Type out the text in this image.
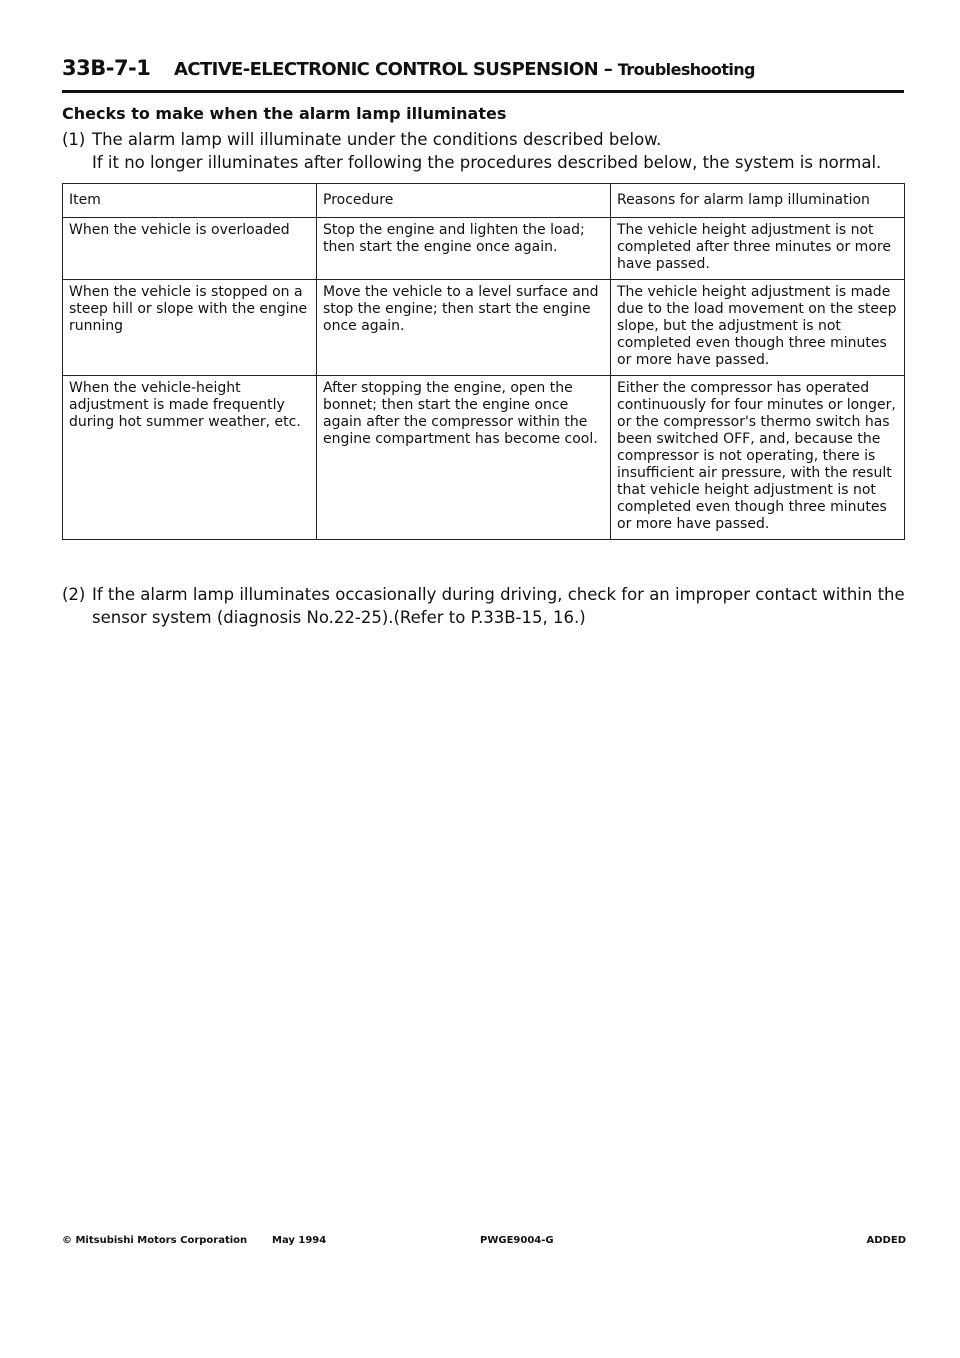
33B-7-1 ACTIVE-ELECTRONIC CONTROL SUSPENSION – Troubleshooting
Checks to make when the alarm lamp illuminates
(1) The alarm lamp will illuminate under the conditions described below.
If it no longer illuminates after following the procedures described below, the system is normal.
Item	Procedure	Reasons for alarm lamp illumination
When the vehicle is overloaded	Stop the engine and lighten the load; then start the engine once again.	The vehicle height adjustment is not completed after three minutes or more have passed.
When the vehicle is stopped on a steep hill or slope with the engine running	Move the vehicle to a level surface and stop the engine; then start the engine once again.	The vehicle height adjustment is made due to the load movement on the steep slope, but the adjustment is not completed even though three minutes or more have passed.
When the vehicle-height adjustment is made frequently during hot summer weather, etc.	After stopping the engine, open the bonnet; then start the engine once again after the compressor within the engine compartment has become cool.	Either the compressor has operated continuously for four minutes or longer, or the compressor's thermo switch has been switched OFF, and, because the compressor is not operating, there is insufficient air pressure, with the result that vehicle height adjustment is not completed even though three minutes or more have passed.
(2) If the alarm lamp illuminates occasionally during driving, check for an improper contact within the
sensor system (diagnosis No.22-25).(Refer to P.33B-15, 16.)
© Mitsubishi Motors Corporation May 1994	PWGE9004-G	ADDED
